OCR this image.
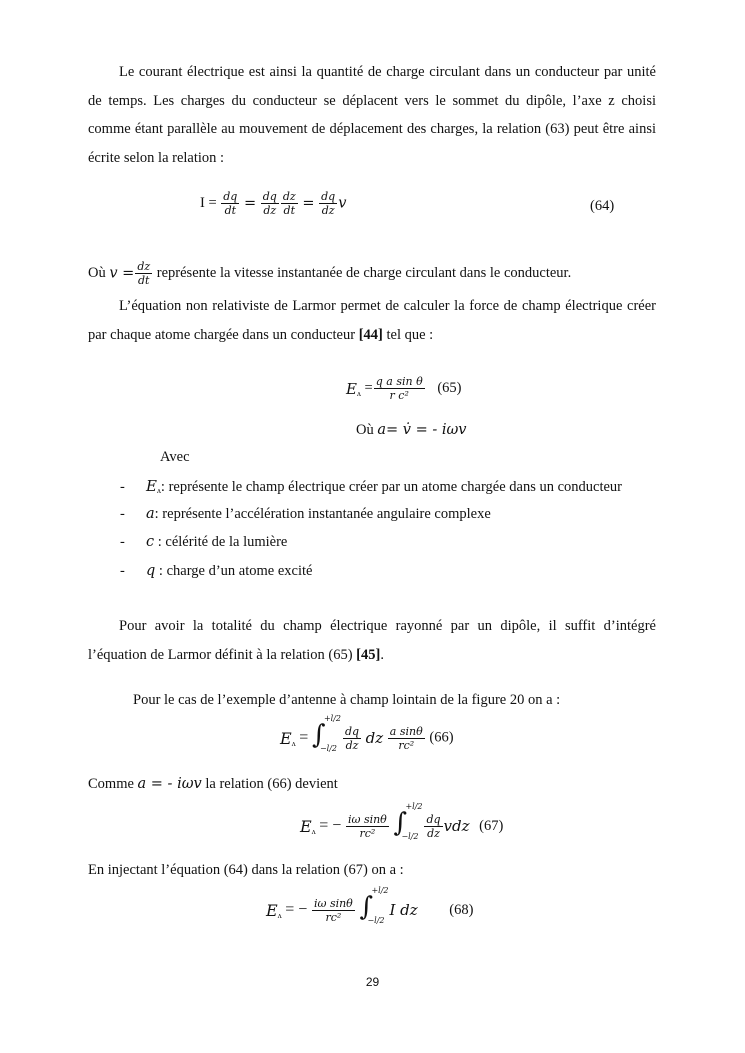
Le courant électrique est ainsi la quantité de charge circulant dans un conducteur par unité de temps. Les charges du conducteur se déplacent vers le sommet du dipôle, l’axe z choisi comme étant parallèle au mouvement de déplacement des charges, la relation (63) peut être ainsi écrite selon la relation :
$I = \frac{dq}{dt} = \frac{dq}{dz} \frac{dz}{dt} = \frac{dq}{dz}$ v	(64)
Où $v = \frac{dz}{dt}$ représente la vitesse instantanée de charge circulant dans le conducteur.
L’équation non relativiste de Larmor permet de calculer la force de champ électrique créer par chaque atome chargée dans un conducteur [44] tel que :
$E_ʌ = \frac{\text{q a sin θ}}{\text{r c²}} (65)$
Où a= v̇ = - iωv
Avec
- $E_ʌ$: représente le champ électrique créer par un atome chargée dans un conducteur
- a: représente l’accélération instantanée angulaire complexe
- c : célérité de la lumière
- q : charge d’un atome excité
Pour avoir la totalité du champ électrique rayonné par un dipôle, il suffit d’intégré l’équation de Larmor définit à la relation (65) [45].
Pour le cas de l’exemple d’antenne à champ lointain de la figure 20 on a :
$E_ʌ$ = ∫
+l/2
$-l/2 \frac{dq}{dz}$ dz $\frac{\text{a sinθ}}{\text{rc²}} (66)$
Comme a = - iωv la relation (66) devient
$E_ʌ$ = − $\frac{\text{iω sinθ}}{\text{rc²}}$
∫
+l/2
$-l/2 \frac{dq}{dz}$ vdz (67)
En injectant l’équation (64) dans la relation (67) on a :
$E_ʌ$ = − $\frac{\text{iω sinθ}}{\text{rc²}}$
∫
+l/2
−l/2
I dz (68)
29
